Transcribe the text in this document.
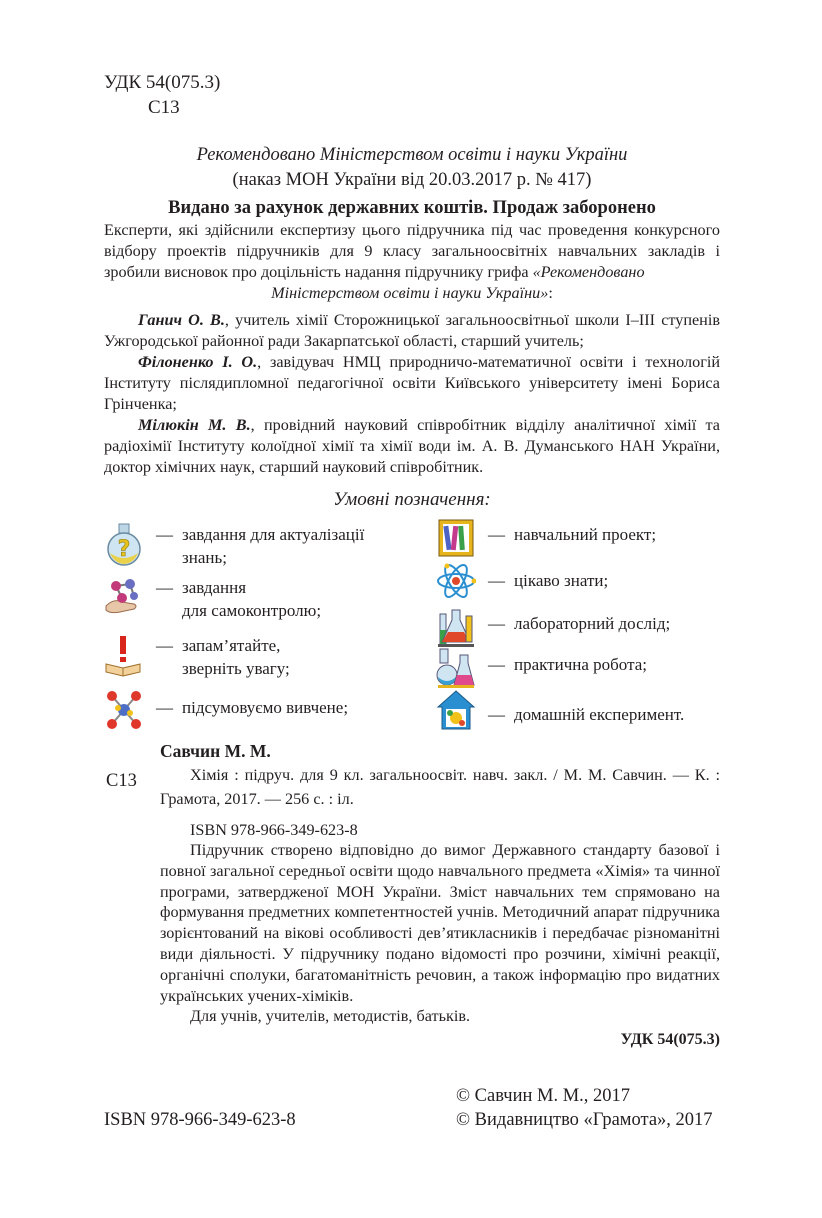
УДК 54(075.3)
С13
Рекомендовано Міністерством освіти і науки України
(наказ МОН України від 20.03.2017 р. № 417)
Видано за рахунок державних коштів. Продаж заборонено
Експерти, які здійснили експертизу цього підручника під час проведення конкурсного відбору проектів підручників для 9 класу загальноосвітніх навчальних закладів і зробили висновок про доцільність надання підручнику грифа «Рекомендовано
Міністерством освіти і науки України»:

Ганич О. В., учитель хімії Сторожницької загальноосвітньої школи І–ІІІ ступенів Ужгородської районної ради Закарпатської області, старший учитель;

Філоненко І. О., завідувач НМЦ природничо-математичної освіти і технологій Інституту післядипломної педагогічної освіти Київського університету імені Бориса Грінченка;

Мілюкін М. В., провідний науковий співробітник відділу аналітичної хімії та радіохімії Інституту колоїдної хімії та хімії води ім. А. В. Думанського НАН України, доктор хімічних наук, старший науковий співробітник.

Умовні позначення:
?
— завдання для актуалізації
знань;
— завдання
для самоконтролю;
— запам’ятайте,
зверніть увагу;
— підсумовуємо вивчене;
— навчальний проект;
— цікаво знати;
— лабораторний дослід;
— практична робота;
— домашній експеримент.
Савчин М. М.
С13	Хімія : підруч. для 9 кл. загальноосвіт. навч. закл. / М. М. Савчин. — К. : Грамота, 2017. — 256 с. : іл.
ISBN 978-966-349-623-8

Підручник створено відповідно до вимог Державного стандарту базової і повної загальної середньої освіти щодо навчального предмета «Хімія» та чинної програми, затвердженої МОН України. Зміст навчальних тем спрямовано на формування предметних компетентностей учнів. Методичний апарат підручника зорієнтований на вікові особливості дев’ятикласників і передбачає різноманітні види діяльності. У підручнику подано відомості про розчини, хімічні реакції, органічні сполуки, багатоманітність речовин, а також інформацію про видатних українських учених-хіміків.

Для учнів, учителів, методистів, батьків.

УДК 54(075.3)
© Савчин М. М., 2017
© Видавництво «Грамота», 2017
ISBN 978-966-349-623-8
